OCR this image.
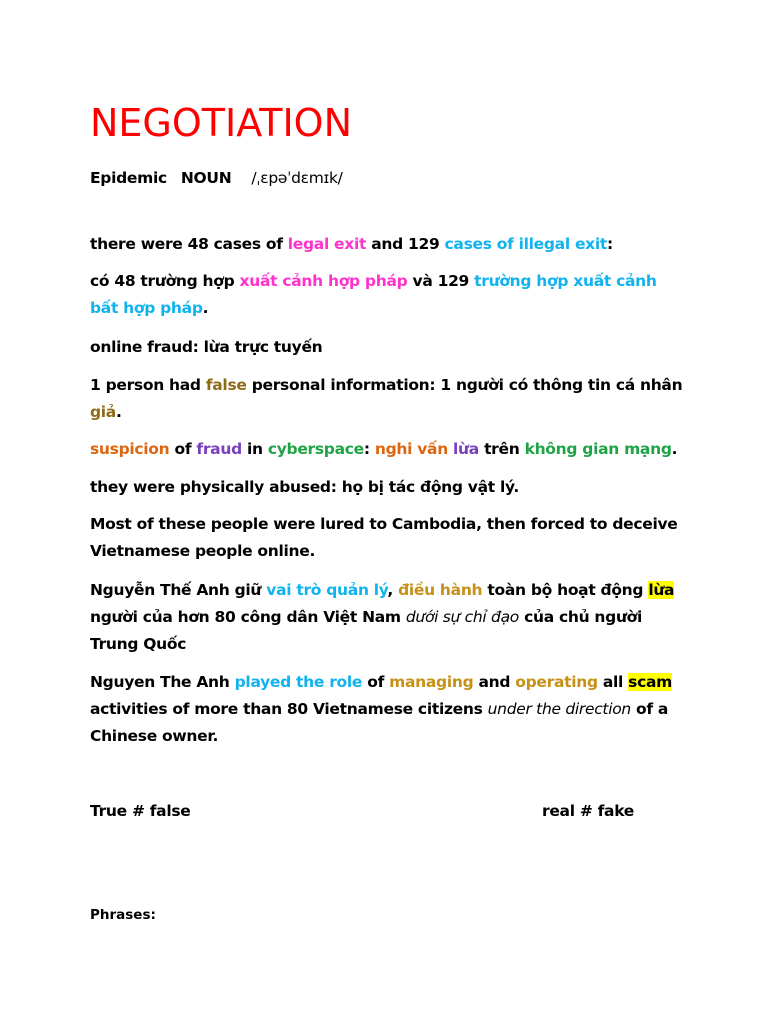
NEGOTIATION

Epidemic NOUN /ˌɛpəˈdɛmɪk/

there were 48 cases of legal exit and 129 cases of illegal exit:

có 48 trường hợp xuất cảnh hợp pháp và 129 trường hợp xuất cảnh bất hợp pháp.

online fraud: lừa trực tuyến

1 person had false personal information: 1 người có thông tin cá nhân giả.

suspicion of fraud in cyberspace: nghi vấn lừa trên không gian mạng.

they were physically abused: họ bị tác động vật lý.

Most of these people were lured to Cambodia, then forced to deceive Vietnamese people online.

Nguyễn Thế Anh giữ vai trò quản lý, điều hành toàn bộ hoạt động lừa người của hơn 80 công dân Việt Nam dưới sự chỉ đạo của chủ người Trung Quốc

Nguyen The Anh played the role of managing and operating all scam activities of more than 80 Vietnamese citizens under the direction of a Chinese owner.

True # false	real # fake
Phrases:
